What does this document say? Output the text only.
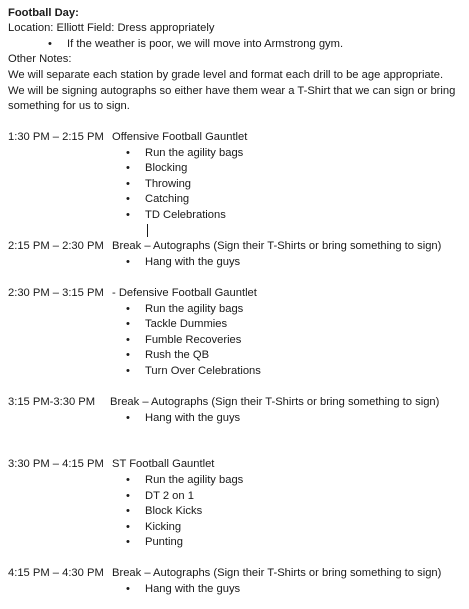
Football Day:
Location: Elliott Field: Dress appropriately
• If the weather is poor, we will move into Armstrong gym.
Other Notes:
We will separate each station by grade level and format each drill to be age appropriate.
We will be signing autographs so either have them wear a T-Shirt that we can sign or bring
something for us to sign.
1:30 PM – 2:15 PM Offensive Football Gauntlet
• Run the agility bags
• Blocking
• Throwing
• Catching
• TD Celebrations
2:15 PM – 2:30 PM Break – Autographs (Sign their T-Shirts or bring something to sign)
• Hang with the guys
2:30 PM – 3:15 PM - Defensive Football Gauntlet
• Run the agility bags
• Tackle Dummies
• Fumble Recoveries
• Rush the QB
• Turn Over Celebrations
3:15 PM-3:30 PM Break – Autographs (Sign their T-Shirts or bring something to sign)
• Hang with the guys
3:30 PM – 4:15 PM ST Football Gauntlet
• Run the agility bags
• DT 2 on 1
• Block Kicks
• Kicking
• Punting
4:15 PM – 4:30 PM Break – Autographs (Sign their T-Shirts or bring something to sign)
• Hang with the guys
